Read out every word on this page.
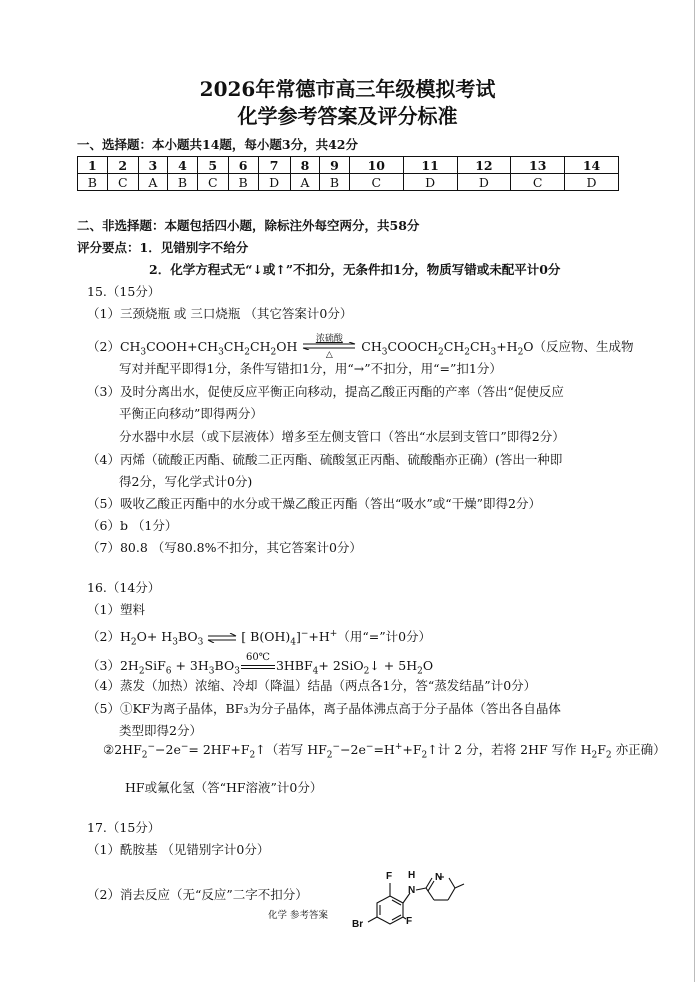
2026年常德市高三年级模拟考试
化学参考答案及评分标准
一、选择题：本小题共14题，每小题3分，共42分
1	2	3	4	5	6	7	8	9	10	11	12	13	14
B	C	A	B	C	B	D	A	B	C	D	D	C	D
二、非选择题：本题包括四小题，除标注外每空两分，共58分
评分要点：1．见错别字不给分
2．化学方程式无“↓或↑”不扣分，无条件扣1分，物质写错或未配平计0分
15.（15分）
（1）三颈烧瓶 或 三口烧瓶 （其它答案计0分）
$(2)CH_3COOH+CH_3CH_2CH_2OH$
浓硫酸
△
$CH_3COOCH_2CH_2CH_3+H_2O$（反应物、生成物
写对并配平即得1分，条件写错扣1分，用“→”不扣分，用“=”扣1分）
（3）及时分离出水，促使反应平衡正向移动，提高乙酸正丙酯的产率（答出“促使反应
平衡正向移动”即得两分）
分水器中水层（或下层液体）增多至左侧支管口（答出“水层到支管口”即得2分）
（4）丙烯（硫酸正丙酯、硫酸二正丙酯、硫酸氢正丙酯、硫酸酯亦正确）(答出一种即
得2分，写化学式计0分)
（5）吸收乙酸正丙酯中的水分或干燥乙酸正丙酯（答出“吸水”或“干燥”即得2分）
（6）b （1分）
（7）80.8 （写80.8%不扣分，其它答案计0分）
16.（14分）
（1）塑料
$(2)H_2O+ H_3BO_3$ ⇌ [ $B(OH)_4]^-+H^+$（用“=”计0分）
$(3)2H_2SiF_6 + 3H_3BO_3$
60℃
$3HBF_4+$ 2SiO$_2$↓ + $5H_2O$
（4）蒸发（加热）浓缩、冷却（降温）结晶（两点各1分，答“蒸发结晶”计0分）
（5）①KF为离子晶体，BF₃为分子晶体，离子晶体沸点高于分子晶体（答出各自晶体
类型即得2分）
$②2HF_2^--2e^-=$ $2HF+F_2↑$（若写 $HF_2^--2e^-=H^++F_2↑$计 2 分，若将 2HF 写作 $H_2F_2$ 亦正确）
HF或氟化氢（答“HF溶液”计0分）
17.（15分）
（1）酰胺基 （见错别字计0分）
（2）消去反应（无“反应”二字不扣分）
F H
N
N
F
Br
化学 参考答案
